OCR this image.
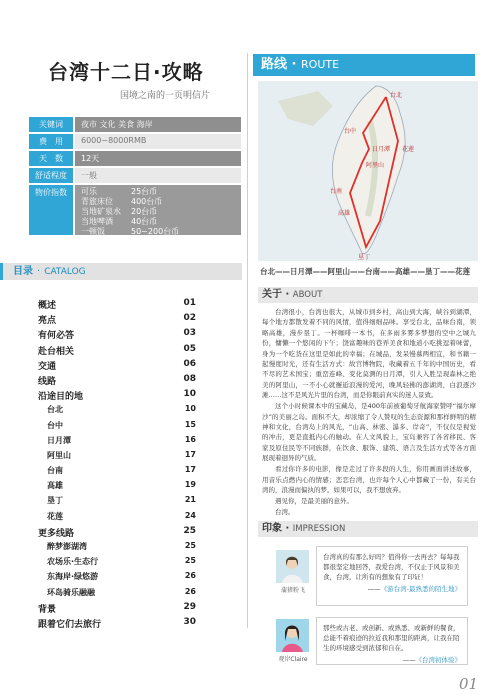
台湾十二日·攻略
国境之南的一页明信片
关键词	夜市 文化 美食 海岸
费　用	6000~8000RMB
天　数	12天
舒适程度	一般
物价指数	可乐	25台币
青旅床位	400台币
当地矿泉水	20台币
当地啤酒	40台币
一顿饭	50~200台币
目录 · CATALOG
概述	01
亮点	02
有何必答	03
赴台相关	05
交通	06
线路	08
沿途目的地	10
台北	10
台中	15
日月潭	16
阿里山	17
台南	17
高雄	19
垦丁	21
花莲	24
更多线路	25
醉梦澎湖湾	25
农场乐·生态行	25
东海岸·绿悠游	26
环岛骑乐融融	26
背景	29
跟着它们去旅行	30
路线 · ROUTE
台北
台中
日月潭
阿里山
台南
高雄
垦丁
花莲
台北——日月潭——阿里山——台南——高雄——垦丁——花莲
关于 · ABOUT

台湾很小，台湾也很大，从城市到乡村，高山到大海，峡谷到湖潭，每个地方都散发着不同的风情，值得细细品味。享受台北，品味台南，领略高雄，漫步垦丁。一杯咖啡一本书，在多雨多雾多梦想的空中之城九份，慵懒一个悠闲的下午；饶富趣味的巷弄美食和地道小吃挑逗着味蕾，身为一个吃货在这里是如此的幸福；在城品，发呆慢慕两相宜，和书籍一起慢度时光，还有生活方式：故宫博物院，收藏着五千年的中国历史，看不尽的艺术国宝；重峦连峰、变化莫测的日月潭，引人入胜呈现森林之绝美的阿里山，一不小心就邂逅浪漫的爱河，晚风轻拂的澎湖湾，白浪逐沙滩……这不是风光片里的台湾，而是你眼前真实的迷人景致。

这个小时候课本中的宝藏岛，是400年前被葡萄牙航海家赞呼“福尔摩沙”的美丽之岛。面积不大，却浓缩了令人赞叹的生态资源和那样鲜明的精神和文化，台湾岛上的风光，“山高、林密、瀑多、岸奇”，不仅仅是视觉的冲击，更是直抵内心的触动。在人文风貌上，宝岛兼容了各省移民、客家及原住民等不同族群，在饮食、服饰、建筑、语言及生活方式等各方面展现着迥异的气质。

看过你许多的电影，像是走过了许多段的人生，你用画面讲述故事，用音乐点燃内心的情感；恋恋台湾，也许每个人心中都藏了一份，有关台湾的，浪漫而偏执的梦。如果可以，我不想放弃。

遇见你，是最美丽的意外。

台湾。

印象 · IMPRESSION
蒲猪粉飞
台湾真的有那么好吗？值得你一去再去？每每我都很坚定地回答，我爱台湾，不仅止于风景和美食，台湾，让所有的想象有了印证！
——《游台湾-最熟悉的陌生地》
观岸Claire
那些或古老、或创新、或熟悉、或新鲜的餐食，总能不着痕迹的拉近我和那里的距离，让我在陌生的环境感受到浓郁和自在。
——《台湾初体验》
01
